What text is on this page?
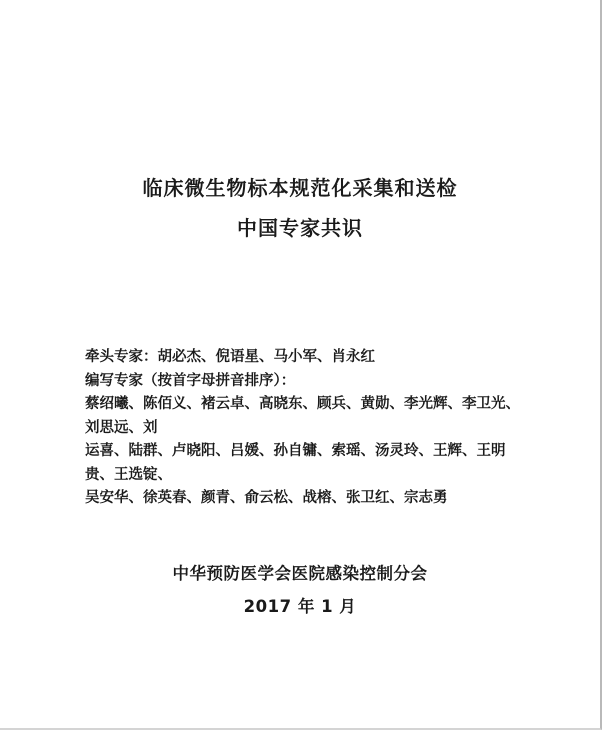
临床微生物标本规范化采集和送检
中国专家共识
牵头专家：胡必杰、倪语星、马小军、肖永红
编写专家（按首字母拼音排序）：
蔡绍曦、陈佰义、褚云卓、高晓东、顾兵、黄勋、李光辉、李卫光、刘思远、刘
运喜、陆群、卢晓阳、吕媛、孙自镛、索瑶、汤灵玲、王辉、王明贵、王选锭、
吴安华、徐英春、颜青、俞云松、战榕、张卫红、宗志勇
中华预防医学会医院感染控制分会
2017 年 1 月
